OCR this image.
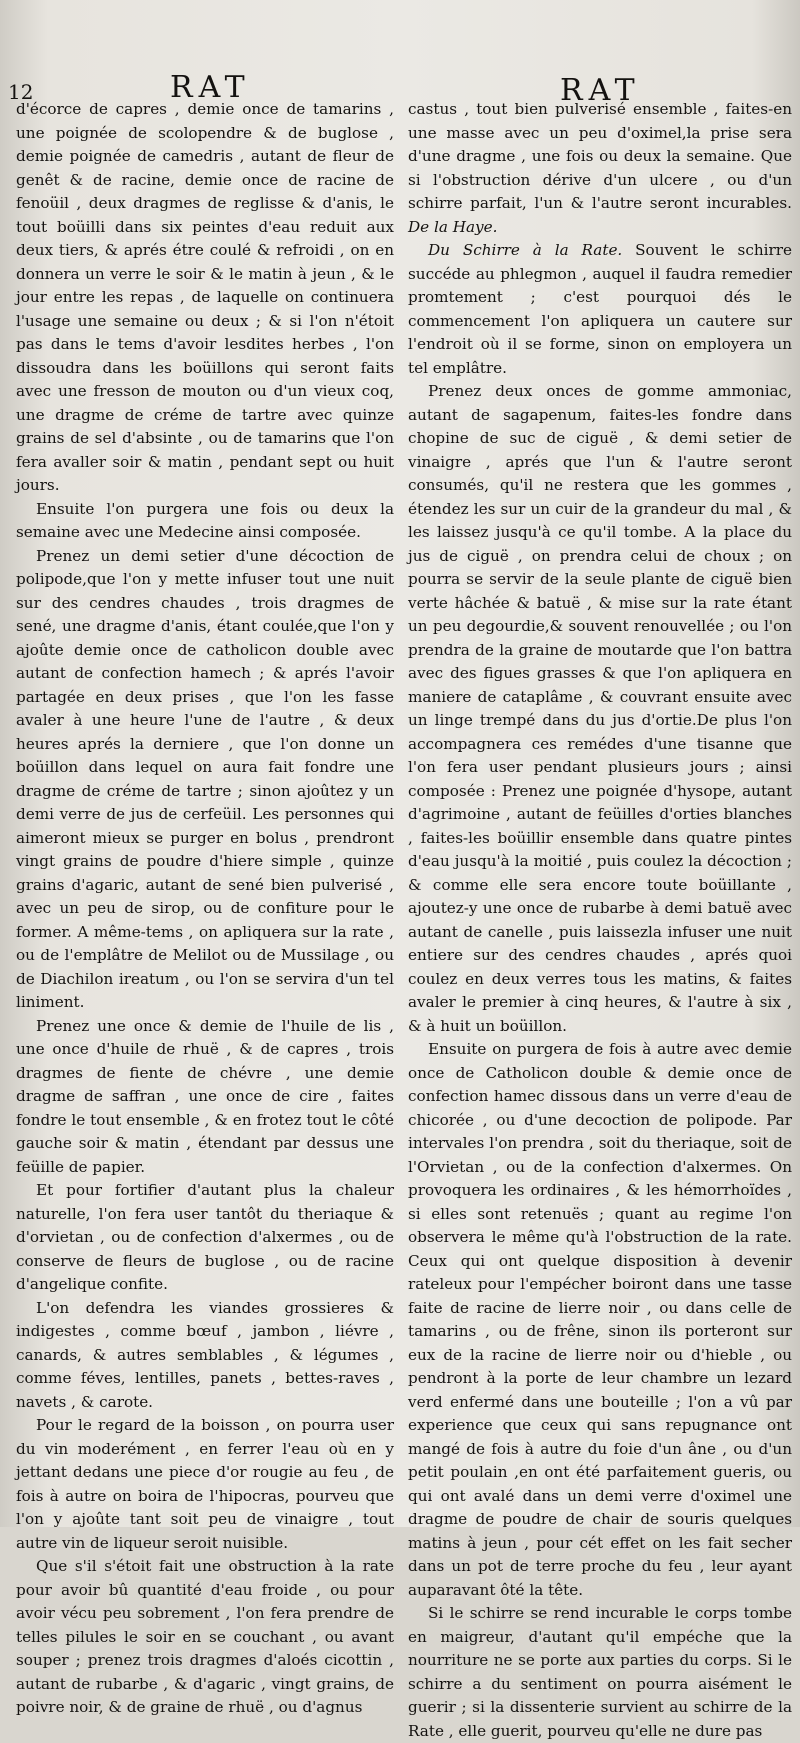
12	RAT	RAT

d'écorce de capres , demie once de tamarins , une poignée de scolopendre & de buglose , demie poignée de camedris , autant de fleur de genêt & de racine, demie once de racine de fenoüil , deux dragmes de reglisse & d'anis, le tout boüilli dans six peintes d'eau reduit aux deux tiers, & aprés étre coulé & refroidi , on en donnera un verre le soir & le matin à jeun , & le jour entre les repas , de laquelle on continuera l'usage une semaine ou deux ; & si l'on n'étoit pas dans le tems d'avoir lesdites herbes , l'on dissoudra dans les boüillons qui seront faits avec une fresson de mouton ou d'un vieux coq, une dragme de créme de tartre avec quinze grains de sel d'absinte , ou de tamarins que l'on fera avaller soir & matin , pendant sept ou huit jours.

Ensuite l'on purgera une fois ou deux la semaine avec une Medecine ainsi composée.

Prenez un demi setier d'une décoction de polipode,que l'on y mette infuser tout une nuit sur des cendres chaudes , trois dragmes de sené, une dragme d'anis, étant coulée,que l'on y ajoûte demie once de catholicon double avec autant de confection hamech ; & aprés l'avoir partagée en deux prises , que l'on les fasse avaler à une heure l'une de l'autre , & deux heures aprés la derniere , que l'on donne un boüillon dans lequel on aura fait fondre une dragme de créme de tartre ; sinon ajoûtez y un demi verre de jus de cerfeüil. Les personnes qui aimeront mieux se purger en bolus , prendront vingt grains de poudre d'hiere simple , quinze grains d'agaric, autant de sené bien pulverisé , avec un peu de sirop, ou de confiture pour le former. A même-tems , on apliquera sur la rate , ou de l'emplâtre de Melilot ou de Mussilage , ou de Diachilon ireatum , ou l'on se servira d'un tel liniment.

Prenez une once & demie de l'huile de lis , une once d'huile de rhuë , & de capres , trois dragmes de fiente de chévre , une demie dragme de saffran , une once de cire , faites fondre le tout ensemble , & en frotez tout le côté gauche soir & matin , étendant par dessus une feüille de papier.

Et pour fortifier d'autant plus la chaleur naturelle, l'on fera user tantôt du theriaque & d'orvietan , ou de confection d'alxermes , ou de conserve de fleurs de buglose , ou de racine d'angelique confite.

L'on defendra les viandes grossieres & indigestes , comme bœuf , jambon , liévre , canards, & autres semblables , & légumes , comme féves, lentilles, panets , bettes-raves , navets , & carote.

Pour le regard de la boisson , on pourra user du vin moderément , en ferrer l'eau où en y jettant dedans une piece d'or rougie au feu , de fois à autre on boira de l'hipocras, pourveu que l'on y ajoûte tant soit peu de vinaigre , tout autre vin de liqueur seroit nuisible.

Que s'il s'étoit fait une obstruction à la rate pour avoir bû quantité d'eau froide , ou pour avoir vécu peu sobrement , l'on fera prendre de telles pilules le soir en se couchant , ou avant souper ; prenez trois dragmes d'aloés cicottin , autant de rubarbe , & d'agaric , vingt grains, de poivre noir, & de graine de rhuë , ou d'agnus

castus , tout bien pulverisé ensemble , faites-en une masse avec un peu d'oximel,la prise sera d'une dragme , une fois ou deux la semaine. Que si l'obstruction dérive d'un ulcere , ou d'un schirre parfait, l'un & l'autre seront incurables. De la Haye.

Du Schirre à la Rate. Souvent le schirre succéde au phlegmon , auquel il faudra remedier promtement ; c'est pourquoi dés le commencement l'on apliquera un cautere sur l'endroit où il se forme, sinon on employera un tel emplâtre.

Prenez deux onces de gomme ammoniac, autant de sagapenum, faites-les fondre dans chopine de suc de ciguë , & demi setier de vinaigre , aprés que l'un & l'autre seront consumés, qu'il ne restera que les gommes , étendez les sur un cuir de la grandeur du mal , & les laissez jusqu'à ce qu'il tombe. A la place du jus de ciguë , on prendra celui de choux ; on pourra se servir de la seule plante de ciguë bien verte hâchée & batuë , & mise sur la rate étant un peu degourdie,& souvent renouvellée ; ou l'on prendra de la graine de moutarde que l'on battra avec des figues grasses & que l'on apliquera en maniere de cataplâme , & couvrant ensuite avec un linge trempé dans du jus d'ortie.De plus l'on accompagnera ces remédes d'une tisanne que l'on fera user pendant plusieurs jours ; ainsi composée : Prenez une poignée d'hysope, autant d'agrimoine , autant de feüilles d'orties blanches , faites-les boüillir ensemble dans quatre pintes d'eau jusqu'à la moitié , puis coulez la décoction ; & comme elle sera encore toute boüillante , ajoutez-y une once de rubarbe à demi batuë avec autant de canelle , puis laissezla infuser une nuit entiere sur des cendres chaudes , aprés quoi coulez en deux verres tous les matins, & faites avaler le premier à cinq heures, & l'autre à six , & à huit un boüillon.

Ensuite on purgera de fois à autre avec demie once de Catholicon double & demie once de confection hamec dissous dans un verre d'eau de chicorée , ou d'une decoction de polipode. Par intervales l'on prendra , soit du theriaque, soit de l'Orvietan , ou de la confection d'alxermes. On provoquera les ordinaires , & les hémorrhoïdes , si elles sont retenuës ; quant au regime l'on observera le même qu'à l'obstruction de la rate. Ceux qui ont quelque disposition à devenir rateleux pour l'empécher boiront dans une tasse faite de racine de lierre noir , ou dans celle de tamarins , ou de frêne, sinon ils porteront sur eux de la racine de lierre noir ou d'hieble , ou pendront à la porte de leur chambre un lezard verd enfermé dans une bouteille ; l'on a vû par experience que ceux qui sans repugnance ont mangé de fois à autre du foie d'un âne , ou d'un petit poulain ,en ont été parfaitement gueris, ou qui ont avalé dans un demi verre d'oximel une dragme de poudre de chair de souris quelques matins à jeun , pour cét effet on les fait secher dans un pot de terre proche du feu , leur ayant auparavant ôté la tête.

Si le schirre se rend incurable le corps tombe en maigreur, d'autant qu'il empéche que la nourriture ne se porte aux parties du corps. Si le schirre a du sentiment on pourra aisément le guerir ; si la dissenterie survient au schirre de la Rate , elle guerit, pourveu qu'elle ne dure pas
